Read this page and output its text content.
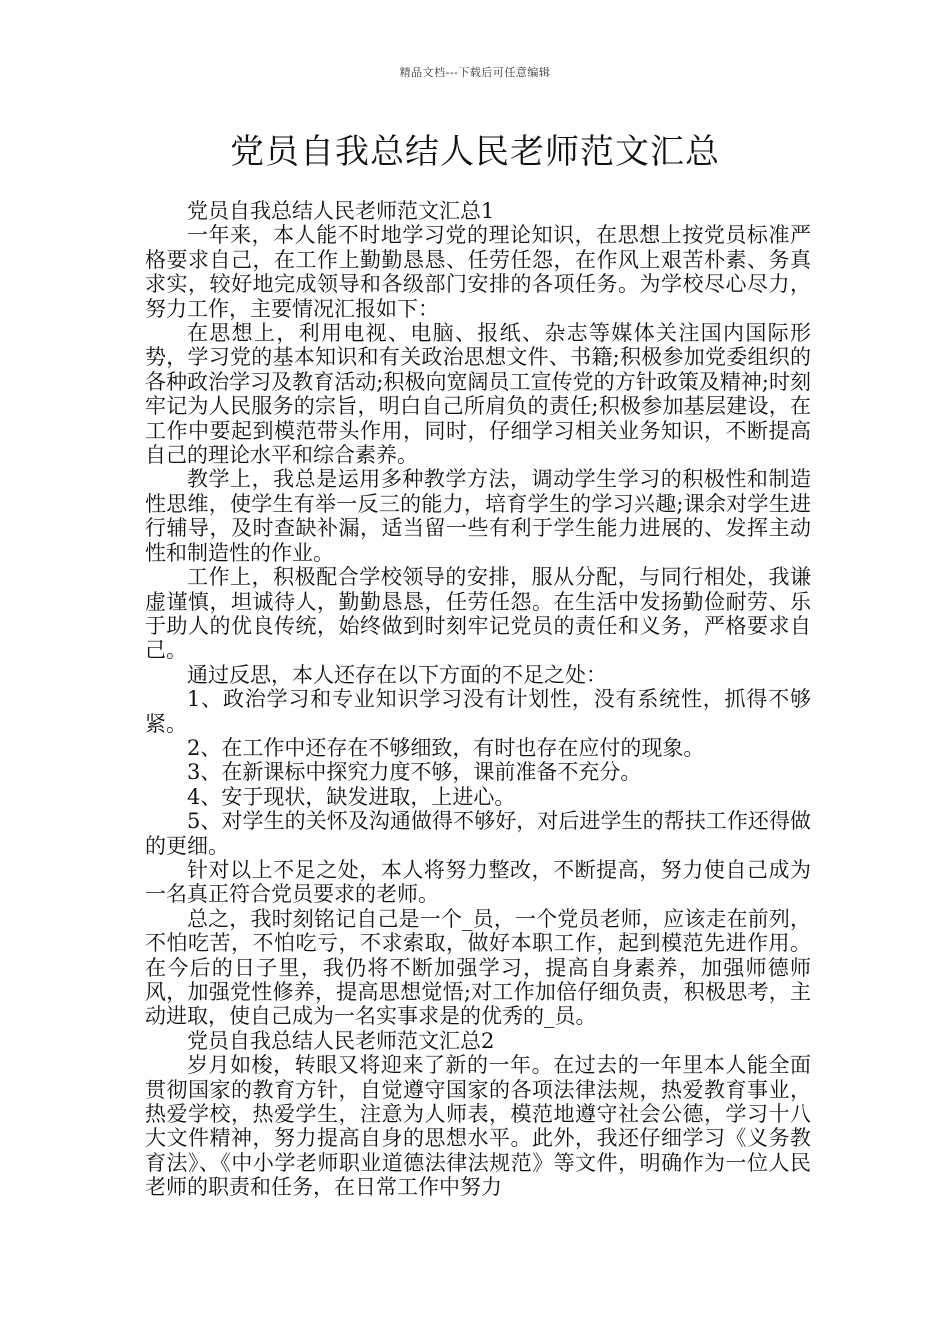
精品文档---下载后可任意编辑
党员自我总结人民老师范文汇总

党员自我总结人民老师范文汇总1

一年来，本人能不时地学习党的理论知识，在思想上按党员标准严格要求自己，在工作上勤勤恳恳、任劳任怨，在作风上艰苦朴素、务真求实，较好地完成领导和各级部门安排的各项任务。为学校尽心尽力，努力工作，主要情况汇报如下：

在思想上，利用电视、电脑、报纸、杂志等媒体关注国内国际形势，学习党的基本知识和有关政治思想文件、书籍;积极参加党委组织的各种政治学习及教育活动;积极向宽阔员工宣传党的方针政策及精神;时刻牢记为人民服务的宗旨，明白自己所肩负的责任;积极参加基层建设，在工作中要起到模范带头作用，同时，仔细学习相关业务知识，不断提高自己的理论水平和综合素养。

教学上，我总是运用多种教学方法，调动学生学习的积极性和制造性思维，使学生有举一反三的能力，培育学生的学习兴趣;课余对学生进行辅导，及时查缺补漏，适当留一些有利于学生能力进展的、发挥主动性和制造性的作业。

工作上，积极配合学校领导的安排，服从分配，与同行相处，我谦虚谨慎，坦诚待人，勤勤恳恳，任劳任怨。在生活中发扬勤俭耐劳、乐于助人的优良传统，始终做到时刻牢记党员的责任和义务，严格要求自己。

通过反思，本人还存在以下方面的不足之处：

1、政治学习和专业知识学习没有计划性，没有系统性，抓得不够紧。

2、在工作中还存在不够细致，有时也存在应付的现象。

3、在新课标中探究力度不够，课前准备不充分。

4、安于现状，缺发进取，上进心。

5、对学生的关怀及沟通做得不够好，对后进学生的帮扶工作还得做的更细。

针对以上不足之处，本人将努力整改，不断提高，努力使自己成为一名真正符合党员要求的老师。

总之，我时刻铭记自己是一个_员，一个党员老师，应该走在前列，不怕吃苦，不怕吃亏，不求索取，做好本职工作，起到模范先进作用。在今后的日子里，我仍将不断加强学习，提高自身素养，加强师德师风，加强党性修养，提高思想觉悟;对工作加倍仔细负责，积极思考，主动进取，使自己成为一名实事求是的优秀的_员。

党员自我总结人民老师范文汇总2

岁月如梭，转眼又将迎来了新的一年。在过去的一年里本人能全面贯彻国家的教育方针，自觉遵守国家的各项法律法规，热爱教育事业，热爱学校，热爱学生，注意为人师表，模范地遵守社会公德，学习十八大文件精神，努力提高自身的思想水平。此外，我还仔细学习《义务教育法》、《中小学老师职业道德法律法规范》等文件，明确作为一位人民老师的职责和任务，在日常工作中努力
